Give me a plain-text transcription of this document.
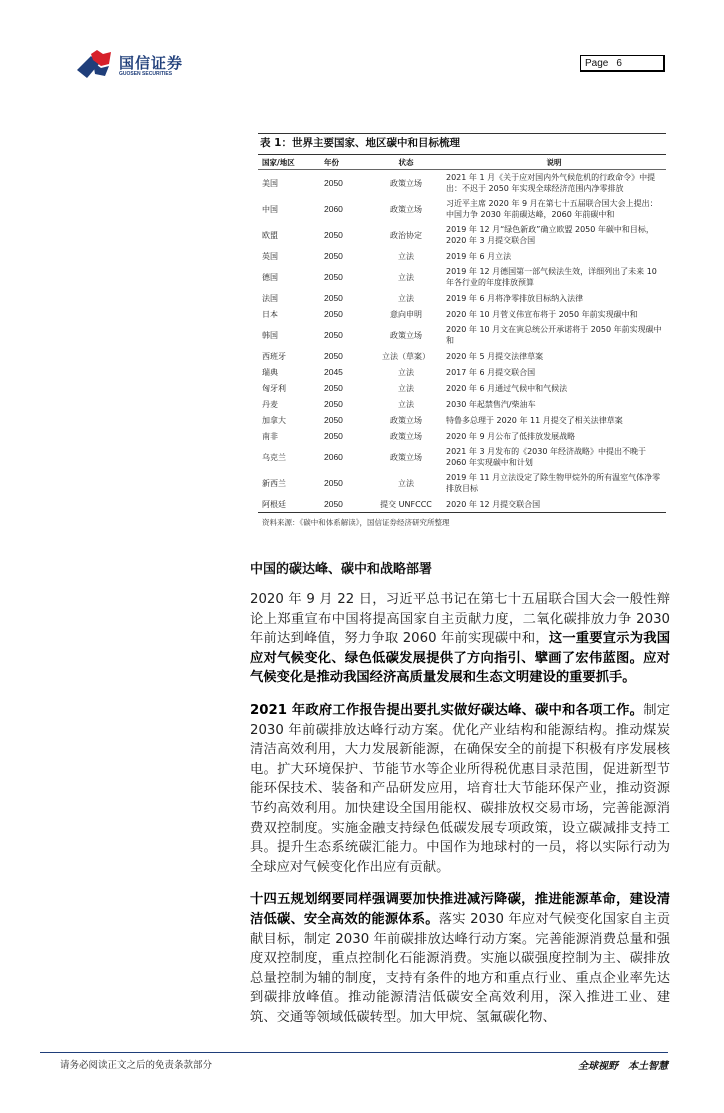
国信证券
GUOSEN SECURITIES
Page 6
表 1：世界主要国家、地区碳中和目标梳理
国家/地区	年份	状态	说明
美国	2050	政策立场	2021 年 1 月《关于应对国内外气候危机的行政命令》中提出：不迟于 2050 年实现全球经济范围内净零排放
中国	2060	政策立场	习近平主席 2020 年 9 月在第七十五届联合国大会上提出：中国力争 2030 年前碳达峰，2060 年前碳中和
欧盟	2050	政治协定	2019 年 12 月“绿色新政”确立欧盟 2050 年碳中和目标，2020 年 3 月提交联合国
英国	2050	立法	2019 年 6 月立法
德国	2050	立法	2019 年 12 月德国第一部气候法生效，详细列出了未来 10 年各行业的年度排放预算
法国	2050	立法	2019 年 6 月将净零排放目标纳入法律
日本	2050	意向申明	2020 年 10 月菅义伟宣布将于 2050 年前实现碳中和
韩国	2050	政策立场	2020 年 10 月文在寅总统公开承诺将于 2050 年前实现碳中和
西班牙	2050	立法（草案）	2020 年 5 月提交法律草案
瑞典	2045	立法	2017 年 6 月提交联合国
匈牙利	2050	立法	2020 年 6 月通过气候中和气候法
丹麦	2050	立法	2030 年起禁售汽/柴油车
加拿大	2050	政策立场	特鲁多总理于 2020 年 11 月提交了相关法律草案
南非	2050	政策立场	2020 年 9 月公布了低排放发展战略
乌克兰	2060	政策立场	2021 年 3 月发布的《2030 年经济战略》中提出不晚于 2060 年实现碳中和计划
新西兰	2050	立法	2019 年 11 月立法设定了除生物甲烷外的所有温室气体净零排放目标
阿根廷	2050	提交 UNFCCC	2020 年 12 月提交联合国
资料来源：《碳中和体系解读》，国信证券经济研究所整理
中国的碳达峰、碳中和战略部署

2020 年 9 月 22 日，习近平总书记在第七十五届联合国大会一般性辩论上郑重宣布中国将提高国家自主贡献力度，二氧化碳排放力争 2030 年前达到峰值，努力争取 2060 年前实现碳中和，这一重要宣示为我国应对气候变化、绿色低碳发展提供了方向指引、擘画了宏伟蓝图。应对气候变化是推动我国经济高质量发展和生态文明建设的重要抓手。

2021 年政府工作报告提出要扎实做好碳达峰、碳中和各项工作。制定 2030 年前碳排放达峰行动方案。优化产业结构和能源结构。推动煤炭清洁高效利用，大力发展新能源，在确保安全的前提下积极有序发展核电。扩大环境保护、节能节水等企业所得税优惠目录范围，促进新型节能环保技术、装备和产品研发应用，培育壮大节能环保产业，推动资源节约高效利用。加快建设全国用能权、碳排放权交易市场，完善能源消费双控制度。实施金融支持绿色低碳发展专项政策，设立碳减排支持工具。提升生态系统碳汇能力。中国作为地球村的一员，将以实际行动为全球应对气候变化作出应有贡献。

十四五规划纲要同样强调要加快推进减污降碳，推进能源革命，建设清洁低碳、安全高效的能源体系。落实 2030 年应对气候变化国家自主贡献目标，制定 2030 年前碳排放达峰行动方案。完善能源消费总量和强度双控制度，重点控制化石能源消费。实施以碳强度控制为主、碳排放总量控制为辅的制度，支持有条件的地方和重点行业、重点企业率先达到碳排放峰值。推动能源清洁低碳安全高效利用，深入推进工业、建筑、交通等领域低碳转型。加大甲烷、氢氟碳化物、

请务必阅读正文之后的免责条款部分	全球视野　本土智慧
